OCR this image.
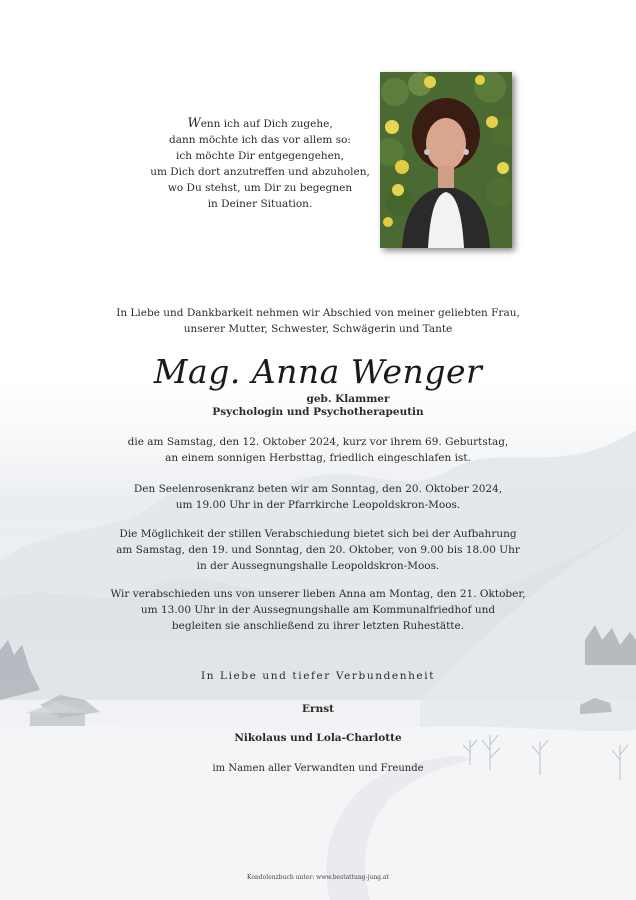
Wenn ich auf Dich zugehe,
dann möchte ich das vor allem so:
ich möchte Dir entgegengehen,
um Dich dort anzutreffen und abzuholen,
wo Du stehst, um Dir zu begegnen
in Deiner Situation.
In Liebe und Dankbarkeit nehmen wir Abschied von meiner geliebten Frau,
unserer Mutter, Schwester, Schwägerin und Tante
Mag. Anna Wenger
geb. Klammer
Psychologin und Psychotherapeutin
die am Samstag, den 12. Oktober 2024, kurz vor ihrem 69. Geburtstag,
an einem sonnigen Herbsttag, friedlich eingeschlafen ist.
Den Seelenrosenkranz beten wir am Sonntag, den 20. Oktober 2024,
um 19.00 Uhr in der Pfarrkirche Leopoldskron-Moos.
Die Möglichkeit der stillen Verabschiedung bietet sich bei der Aufbahrung
am Samstag, den 19. und Sonntag, den 20. Oktober, von 9.00 bis 18.00 Uhr
in der Aussegnungshalle Leopoldskron-Moos.
Wir verabschieden uns von unserer lieben Anna am Montag, den 21. Oktober,
um 13.00 Uhr in der Aussegnungshalle am Kommunalfriedhof und
begleiten sie anschließend zu ihrer letzten Ruhestätte.
In Liebe und tiefer Verbundenheit
Ernst
Nikolaus und Lola-Charlotte
im Namen aller Verwandten und Freunde
Kondolenzbuch unter: www.bestattung-jung.at
